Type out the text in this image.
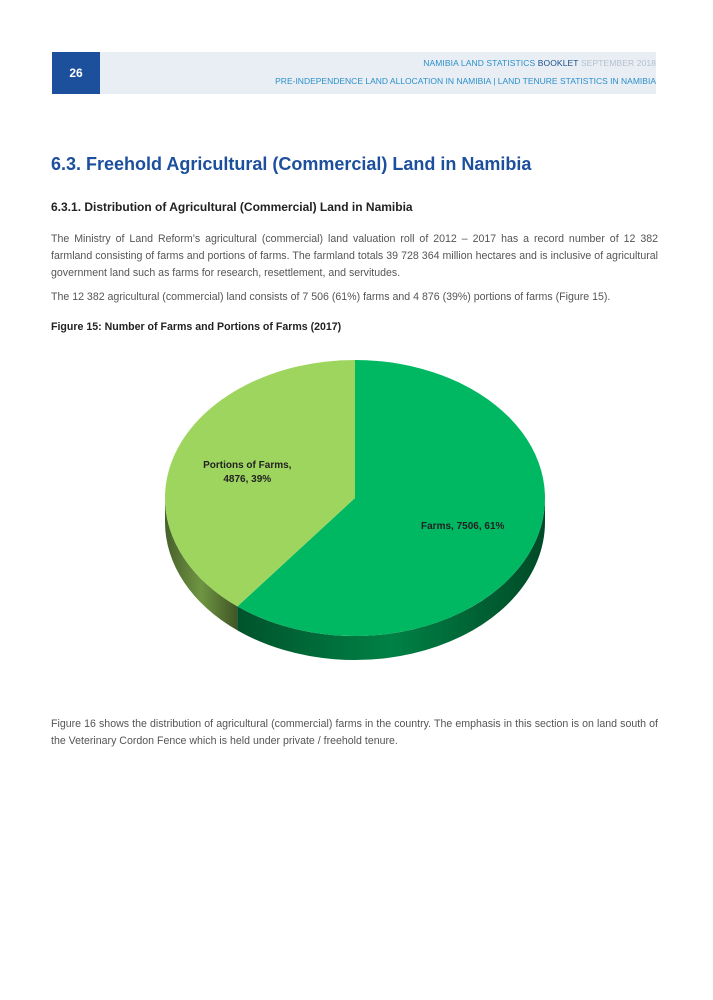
26
NAMIBIA LAND STATISTICS BOOKLET SEPTEMBER 2018
PRE-INDEPENDENCE LAND ALLOCATION IN NAMIBIA | LAND TENURE STATISTICS IN NAMIBIA
6.3. Freehold Agricultural (Commercial) Land in Namibia
6.3.1. Distribution of Agricultural (Commercial) Land in Namibia

The Ministry of Land Reform’s agricultural (commercial) land valuation roll of 2012 – 2017 has a record number of 12 382 farmland consisting of farms and portions of farms. The farmland totals 39 728 364 million hectares and is inclusive of agricultural government land such as farms for research, resettlement, and servitudes.

The 12 382 agricultural (commercial) land consists of 7 506 (61%) farms and 4 876 (39%) portions of farms (Figure 15).

Figure 15: Number of Farms and Portions of Farms (2017)

Farms, 7506, 61%
Portions of Farms, 4876, 39%

Figure 16 shows the distribution of agricultural (commercial) farms in the country. The emphasis in this section is on land south of the Veterinary Cordon Fence which is held under private / freehold tenure.
